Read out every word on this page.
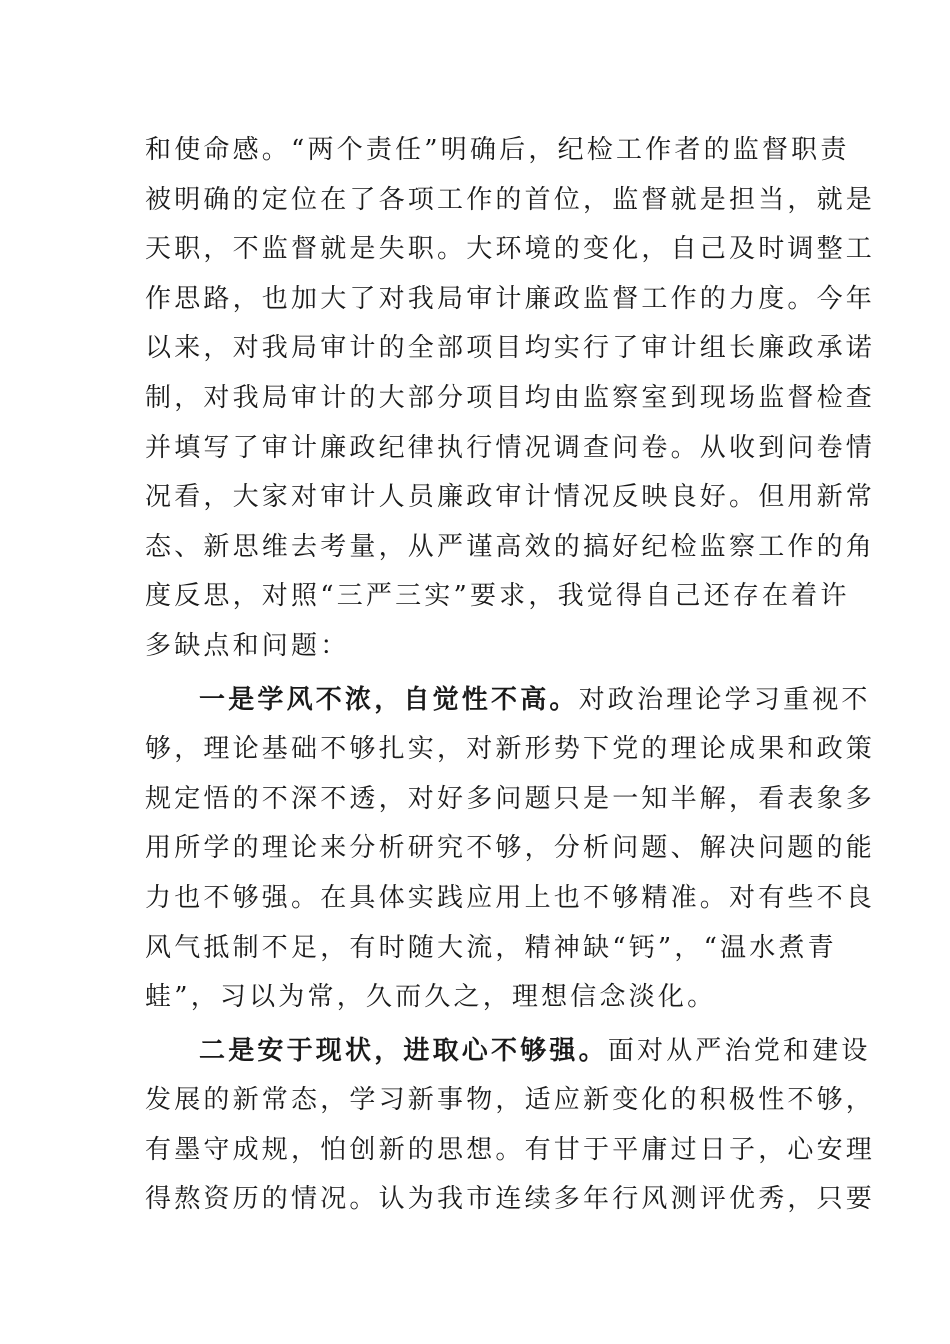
和使命感。“两个责任”明确后，纪检工作者的监督职责
被明确的定位在了各项工作的首位，监督就是担当，就是
天职，不监督就是失职。大环境的变化，自己及时调整工
作思路，也加大了对我局审计廉政监督工作的力度。今年
以来，对我局审计的全部项目均实行了审计组长廉政承诺
制，对我局审计的大部分项目均由监察室到现场监督检查
并填写了审计廉政纪律执行情况调查问卷。从收到问卷情
况看，大家对审计人员廉政审计情况反映良好。但用新常
态、新思维去考量，从严谨高效的搞好纪检监察工作的角
度反思，对照“三严三实”要求，我觉得自己还存在着许
多缺点和问题：
一是学风不浓，自觉性不高。对政治理论学习重视不
够，理论基础不够扎实，对新形势下党的理论成果和政策
规定悟的不深不透，对好多问题只是一知半解，看表象多
用所学的理论来分析研究不够，分析问题、解决问题的能
力也不够强。在具体实践应用上也不够精准。对有些不良
风气抵制不足，有时随大流，精神缺“钙”，“温水煮青
蛙”，习以为常，久而久之，理想信念淡化。
二是安于现状，进取心不够强。面对从严治党和建设
发展的新常态，学习新事物，适应新变化的积极性不够，
有墨守成规，怕创新的思想。有甘于平庸过日子，心安理
得熬资历的情况。认为我市连续多年行风测评优秀，只要
